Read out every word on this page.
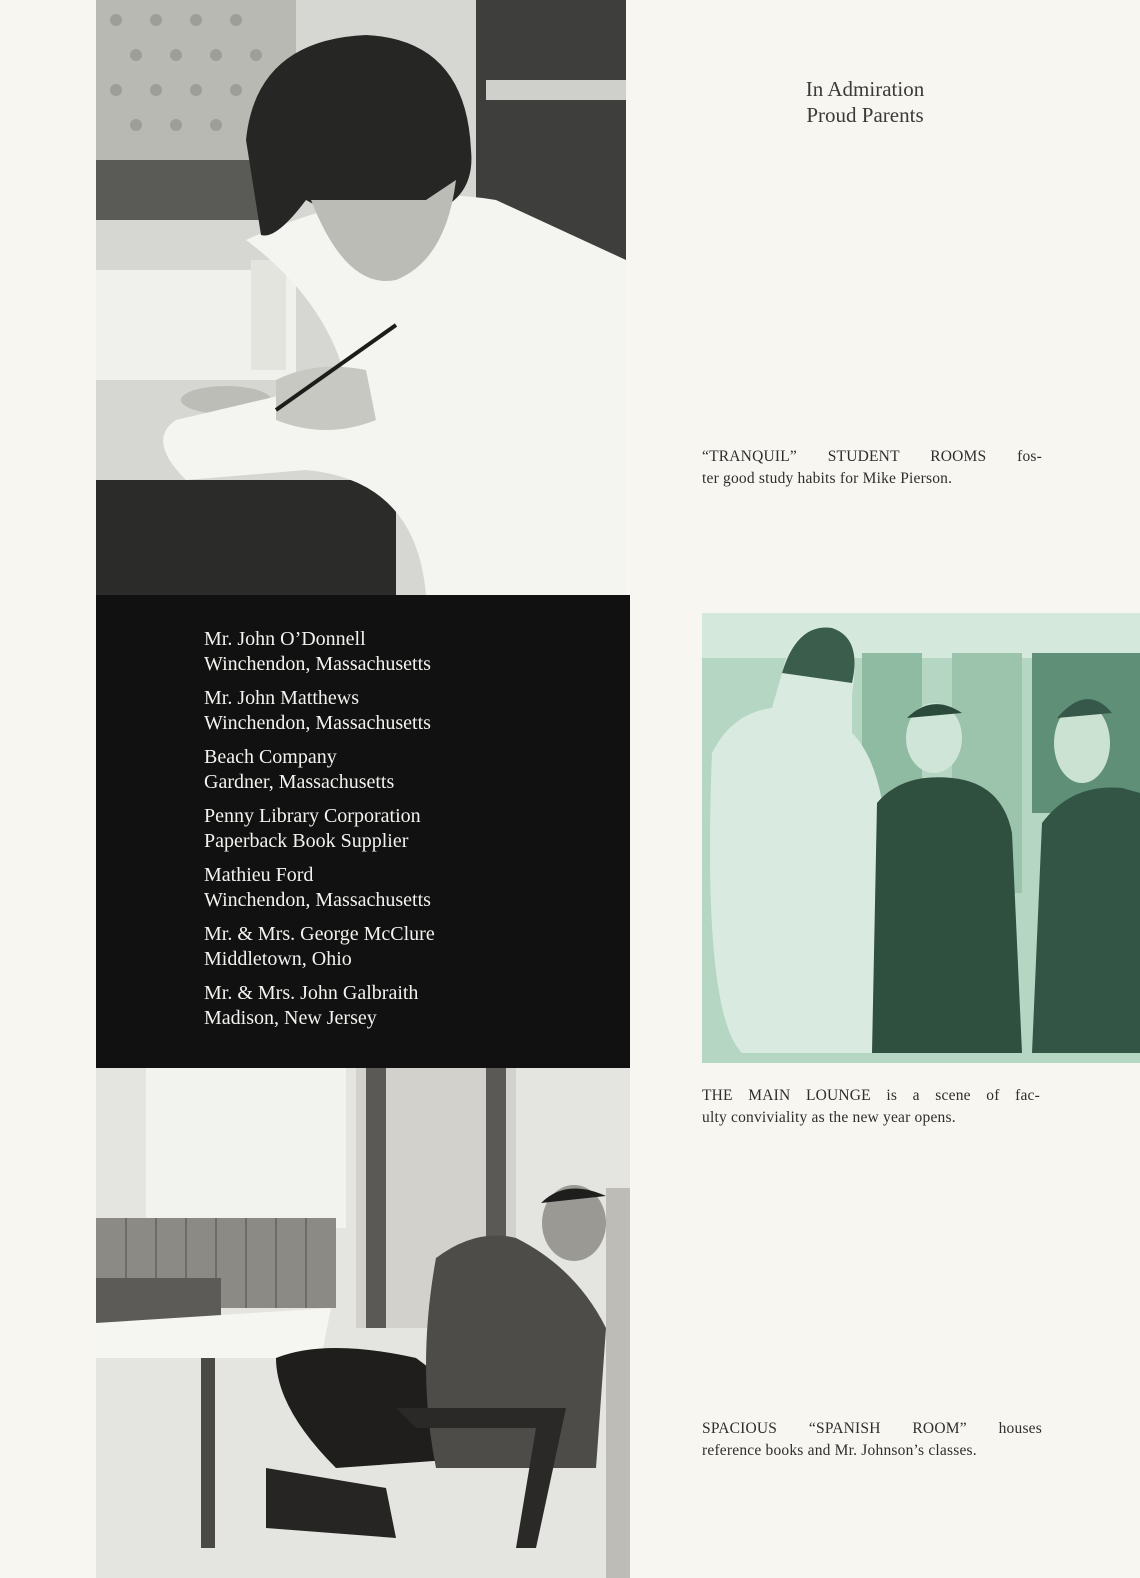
In Admiration
Proud Parents
“TRANQUIL” STUDENT ROOMS fos-
ter good study habits for Mike Pierson.
Mr. John O’Donnell
Winchendon, Massachusetts
Mr. John Matthews
Winchendon, Massachusetts
Beach Company
Gardner, Massachusetts
Penny Library Corporation
Paperback Book Supplier
Mathieu Ford
Winchendon, Massachusetts
Mr. & Mrs. George McClure
Middletown, Ohio
Mr. & Mrs. John Galbraith
Madison, New Jersey
THE MAIN LOUNGE is a scene of fac-
ulty conviviality as the new year opens.
SPACIOUS “SPANISH ROOM” houses
reference books and Mr. Johnson’s classes.
